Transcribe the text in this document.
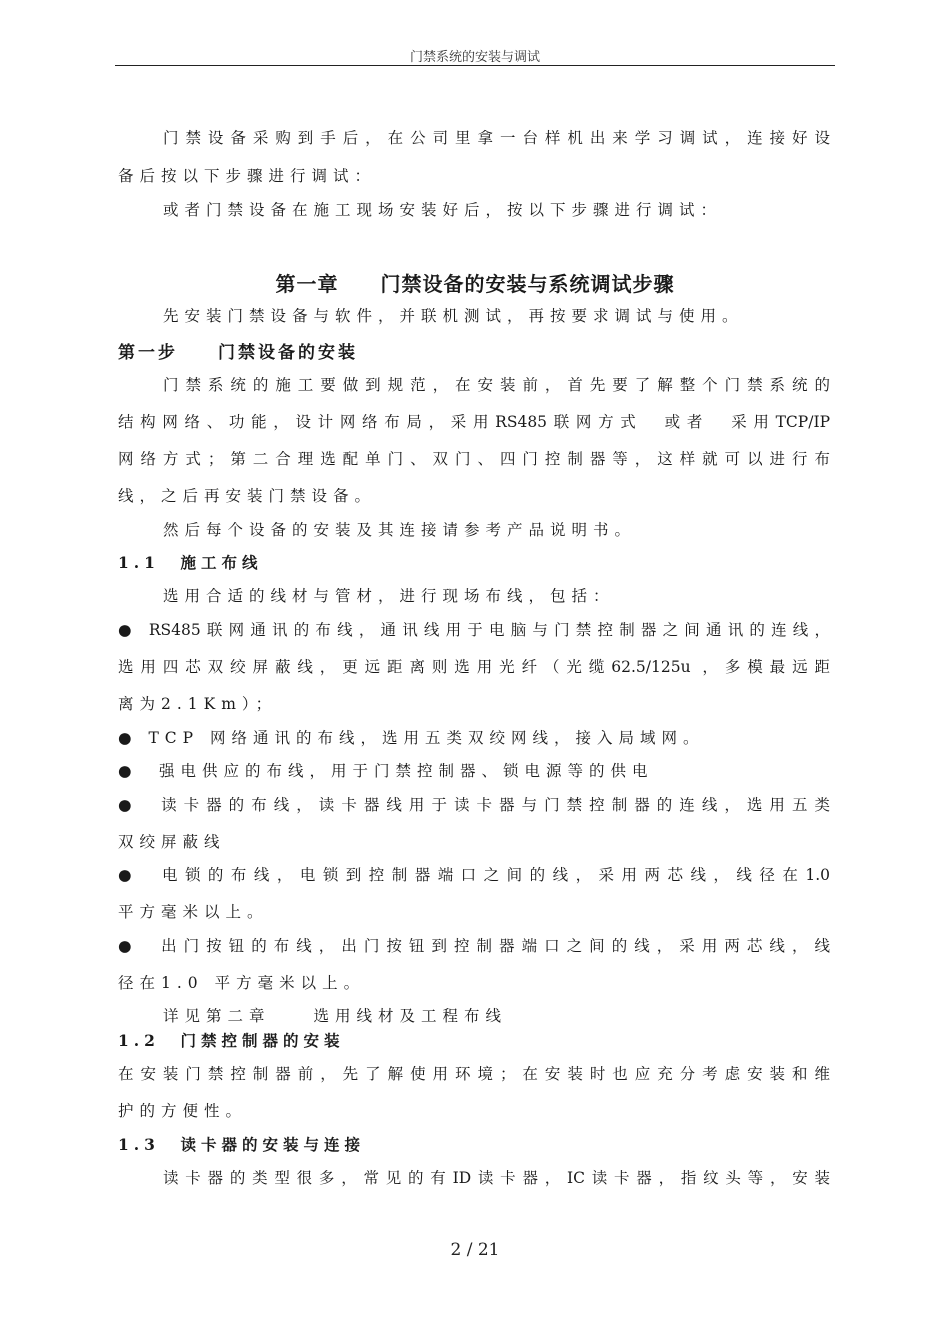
门禁系统的安装与调试
门禁设备采购到手后，在公司里拿一台样机出来学习调试，连接好设
备后按以下步骤进行调试：
或者门禁设备在施工现场安装好后，按以下步骤进行调试：
第一章　　门禁设备的安装与系统调试步骤
先安装门禁设备与软件，并联机测试，再按要求调试与使用。
第一步　　门禁设备的安装
门禁系统的施工要做到规范，在安装前，首先要了解整个门禁系统的
结构网络、功能，设计网络布局，采用RS485联网方式　或者　采用TCP/IP
网络方式；第二合理选配单门、双门、四门控制器等，这样就可以进行布
线，之后再安装门禁设备。
然后每个设备的安装及其连接请参考产品说明书。
1.1　施工布线
选用合适的线材与管材，进行现场布线，包括：
● RS485联网通讯的布线，通讯线用于电脑与门禁控制器之间通讯的连线，
选用四芯双绞屏蔽线，更远距离则选用光纤（光缆62.5/125u ，多模最远距
离为2.1Km）；
● TCP 网络通讯的布线，选用五类双绞网线，接入局域网。
●　强电供应的布线，用于门禁控制器、锁电源等的供电
●　读卡器的布线，读卡器线用于读卡器与门禁控制器的连线，选用五类
双绞屏蔽线
●　电锁的布线，电锁到控制器端口之间的线，采用两芯线，线径在1.0
平方毫米以上。
●　出门按钮的布线，出门按钮到控制器端口之间的线，采用两芯线，线
径在1.0 平方毫米以上。
详见第二章　　选用线材及工程布线
1.2　门禁控制器的安装
在安装门禁控制器前，先了解使用环境；在安装时也应充分考虑安装和维
护的方便性。
1.3　读卡器的安装与连接
读卡器的类型很多，常见的有ID读卡器，IC读卡器，指纹头等，安装
2 / 21
